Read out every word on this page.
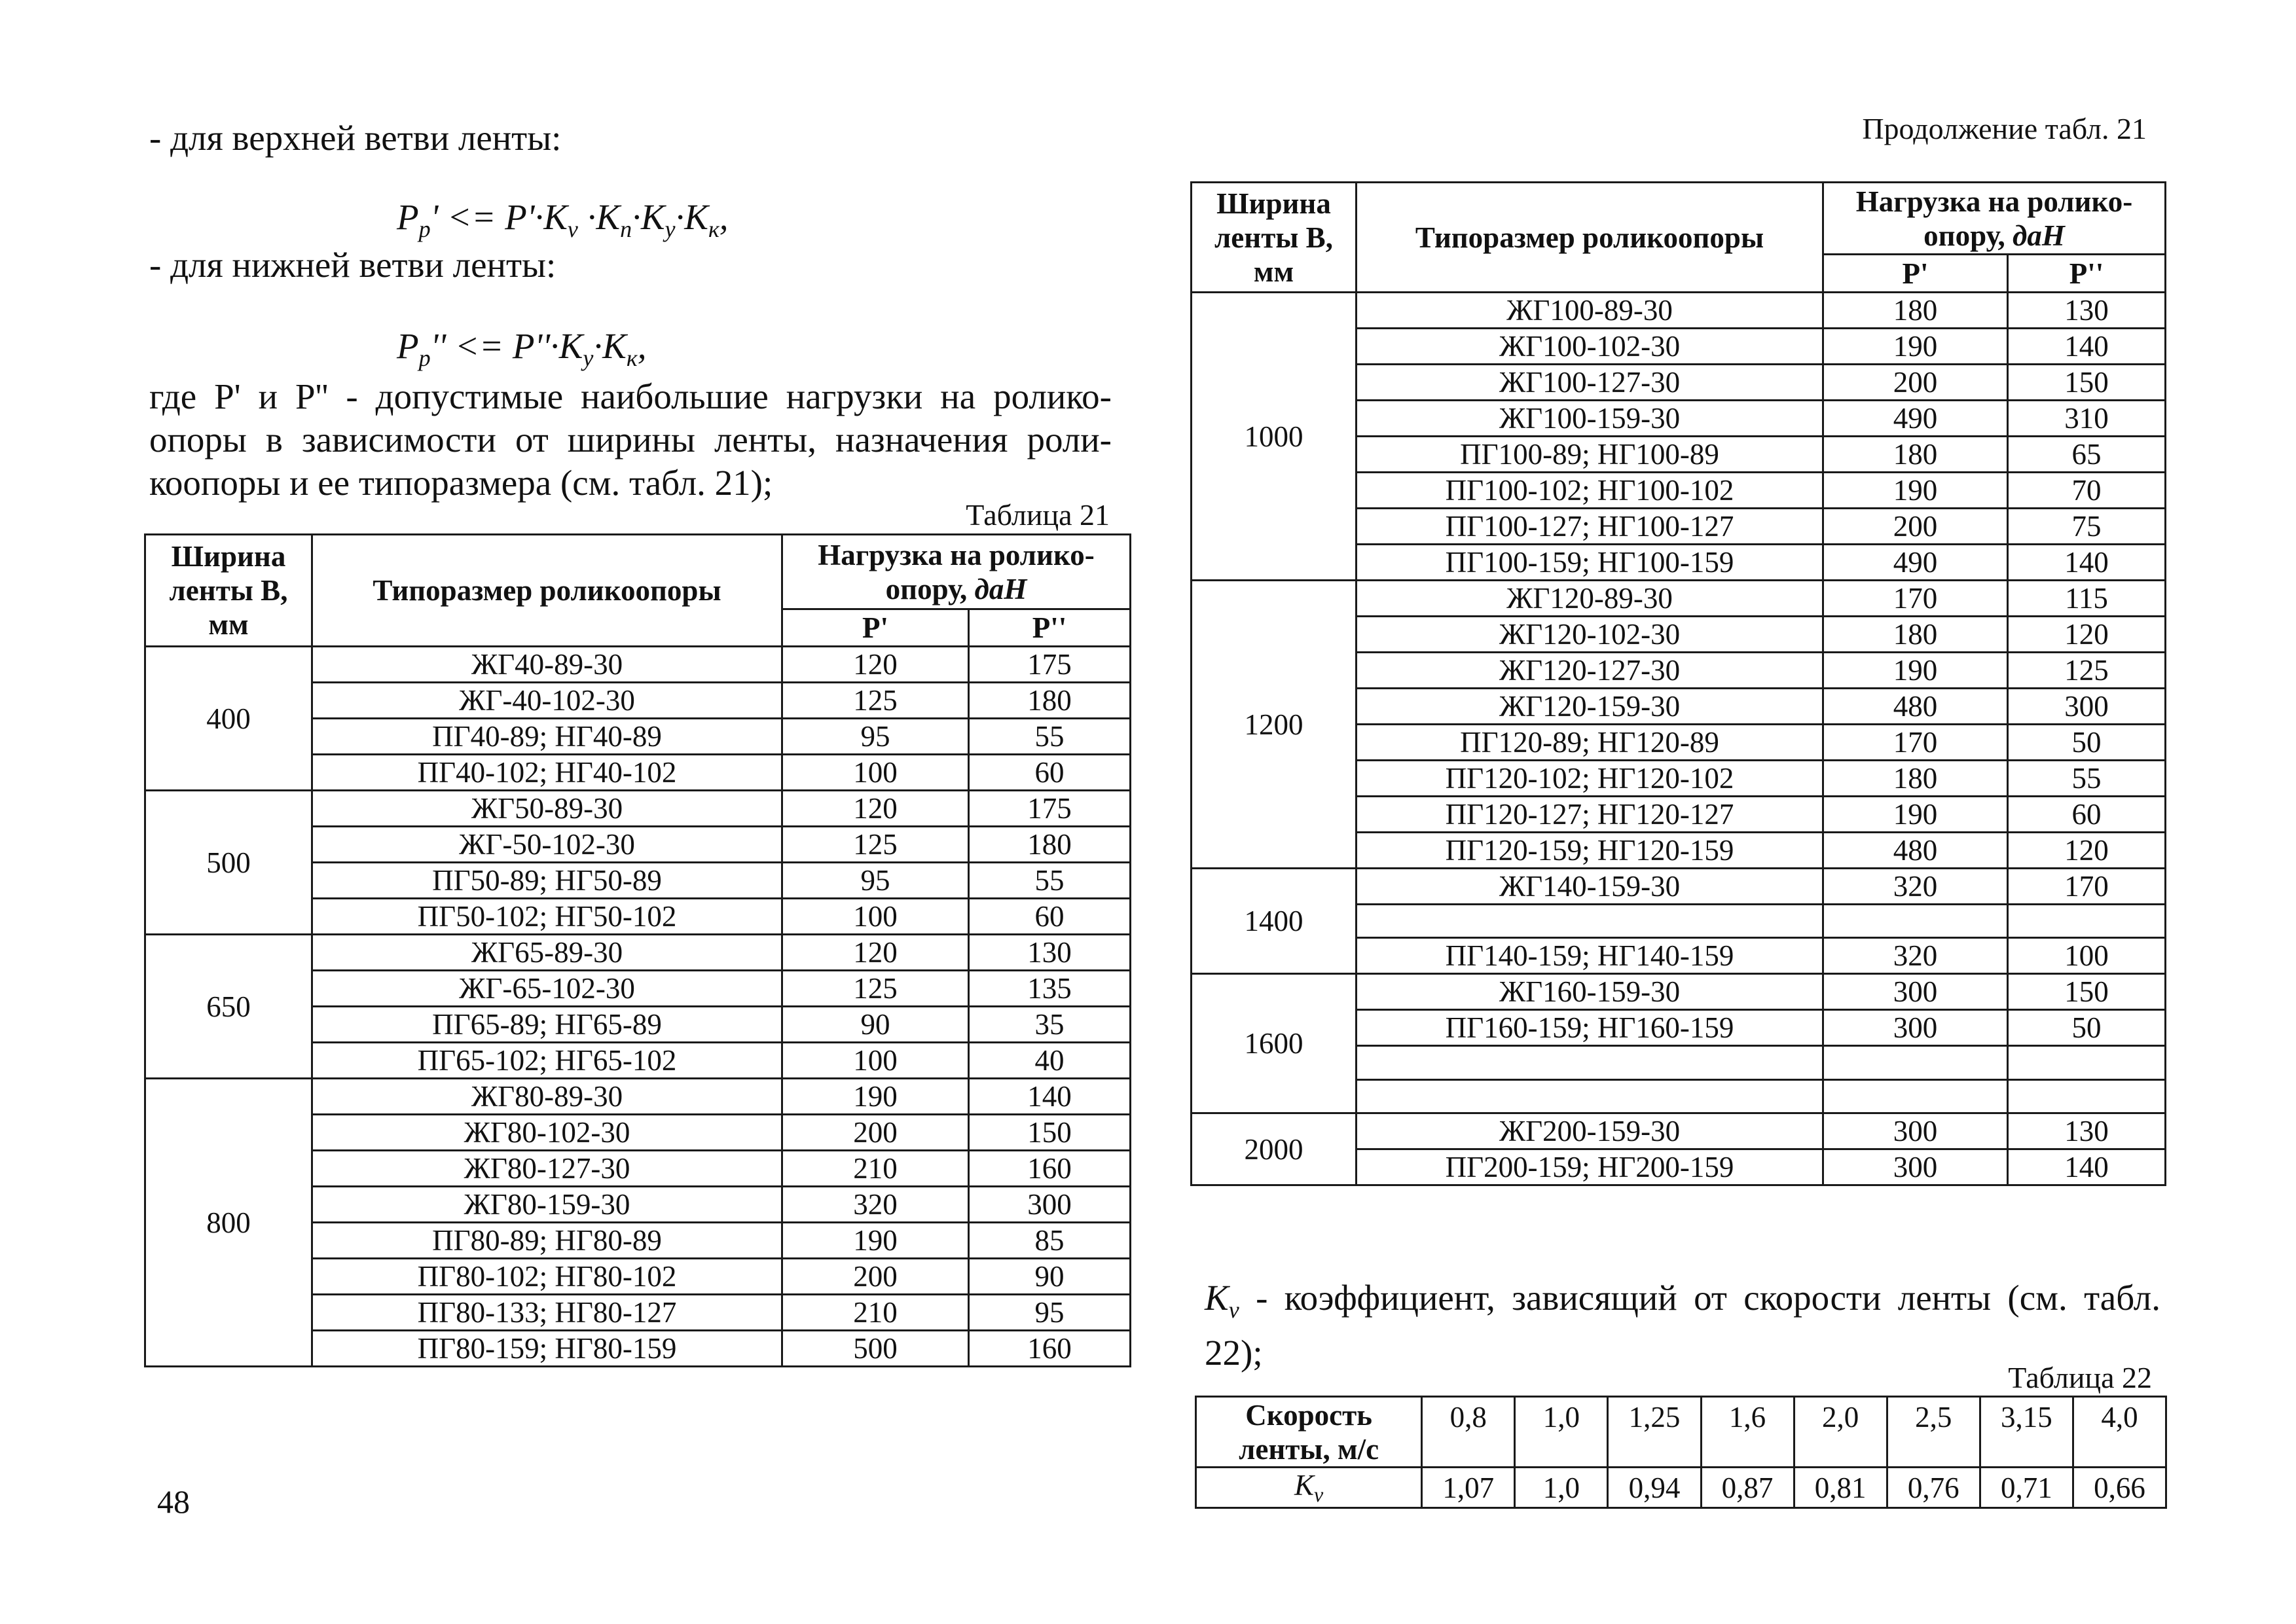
- для верхней ветви ленты:
$P_p' <= P'\cdot K_v \cdot K_n\cdot K_y\cdot K_к$,
- для нижней ветви ленты:
$P_p'' <= P''\cdot K_y\cdot K_к$,
где P' и P'' - допустимые наибольшие нагрузки на ролико-
опоры в зависимости от ширины ленты, назначения роли-
коопоры и ее типоразмера (см. табл. 21);
Таблица 21
Ширина ленты B, мм	Типоразмер роликоопоры	Нагрузка на ролико-опору, даН	
		P'	P''
400	ЖГ40-89-30	120	175
	ЖГ-40-102-30	125	180
	ПГ40-89; НГ40-89	95	55
	ПГ40-102; НГ40-102	100	60
500	ЖГ50-89-30	120	175
	ЖГ-50-102-30	125	180
	ПГ50-89; НГ50-89	95	55
	ПГ50-102; НГ50-102	100	60
650	ЖГ65-89-30	120	130
	ЖГ-65-102-30	125	135
	ПГ65-89; НГ65-89	90	35
	ПГ65-102; НГ65-102	100	40
800	ЖГ80-89-30	190	140
	ЖГ80-102-30	200	150
	ЖГ80-127-30	210	160
	ЖГ80-159-30	320	300
	ПГ80-89; НГ80-89	190	85
	ПГ80-102; НГ80-102	200	90
	ПГ80-133; НГ80-127	210	95
	ПГ80-159; НГ80-159	500	160
48
Продолжение табл. 21
Ширина ленты B, мм	Типоразмер роликоопоры	Нагрузка на ролико-опору, даН	
		P'	P''
1000	ЖГ100-89-30	180	130
	ЖГ100-102-30	190	140
	ЖГ100-127-30	200	150
	ЖГ100-159-30	490	310
	ПГ100-89; НГ100-89	180	65
	ПГ100-102; НГ100-102	190	70
	ПГ100-127; НГ100-127	200	75
	ПГ100-159; НГ100-159	490	140
1200	ЖГ120-89-30	170	115
	ЖГ120-102-30	180	120
	ЖГ120-127-30	190	125
	ЖГ120-159-30	480	300
	ПГ120-89; НГ120-89	170	50
	ПГ120-102; НГ120-102	180	55
	ПГ120-127; НГ120-127	190	60
	ПГ120-159; НГ120-159	480	120
1400	ЖГ140-159-30	320	170

	ПГ140-159; НГ140-159	320	100
1600	ЖГ160-159-30	300	150
	ПГ160-159; НГ160-159	300	50

2000	ЖГ200-159-30	300	130
	ПГ200-159; НГ200-159	300	140
$K_v$ - коэффициент, зависящий от скорости ленты (см. табл.
22);
Таблица 22
Скорость ленты, м/с	0,8	1,0	1,25	1,6	2,0	2,5	3,15	4,0
$K_v$	1,07	1,0	0,94	0,87	0,81	0,76	0,71	0,66
